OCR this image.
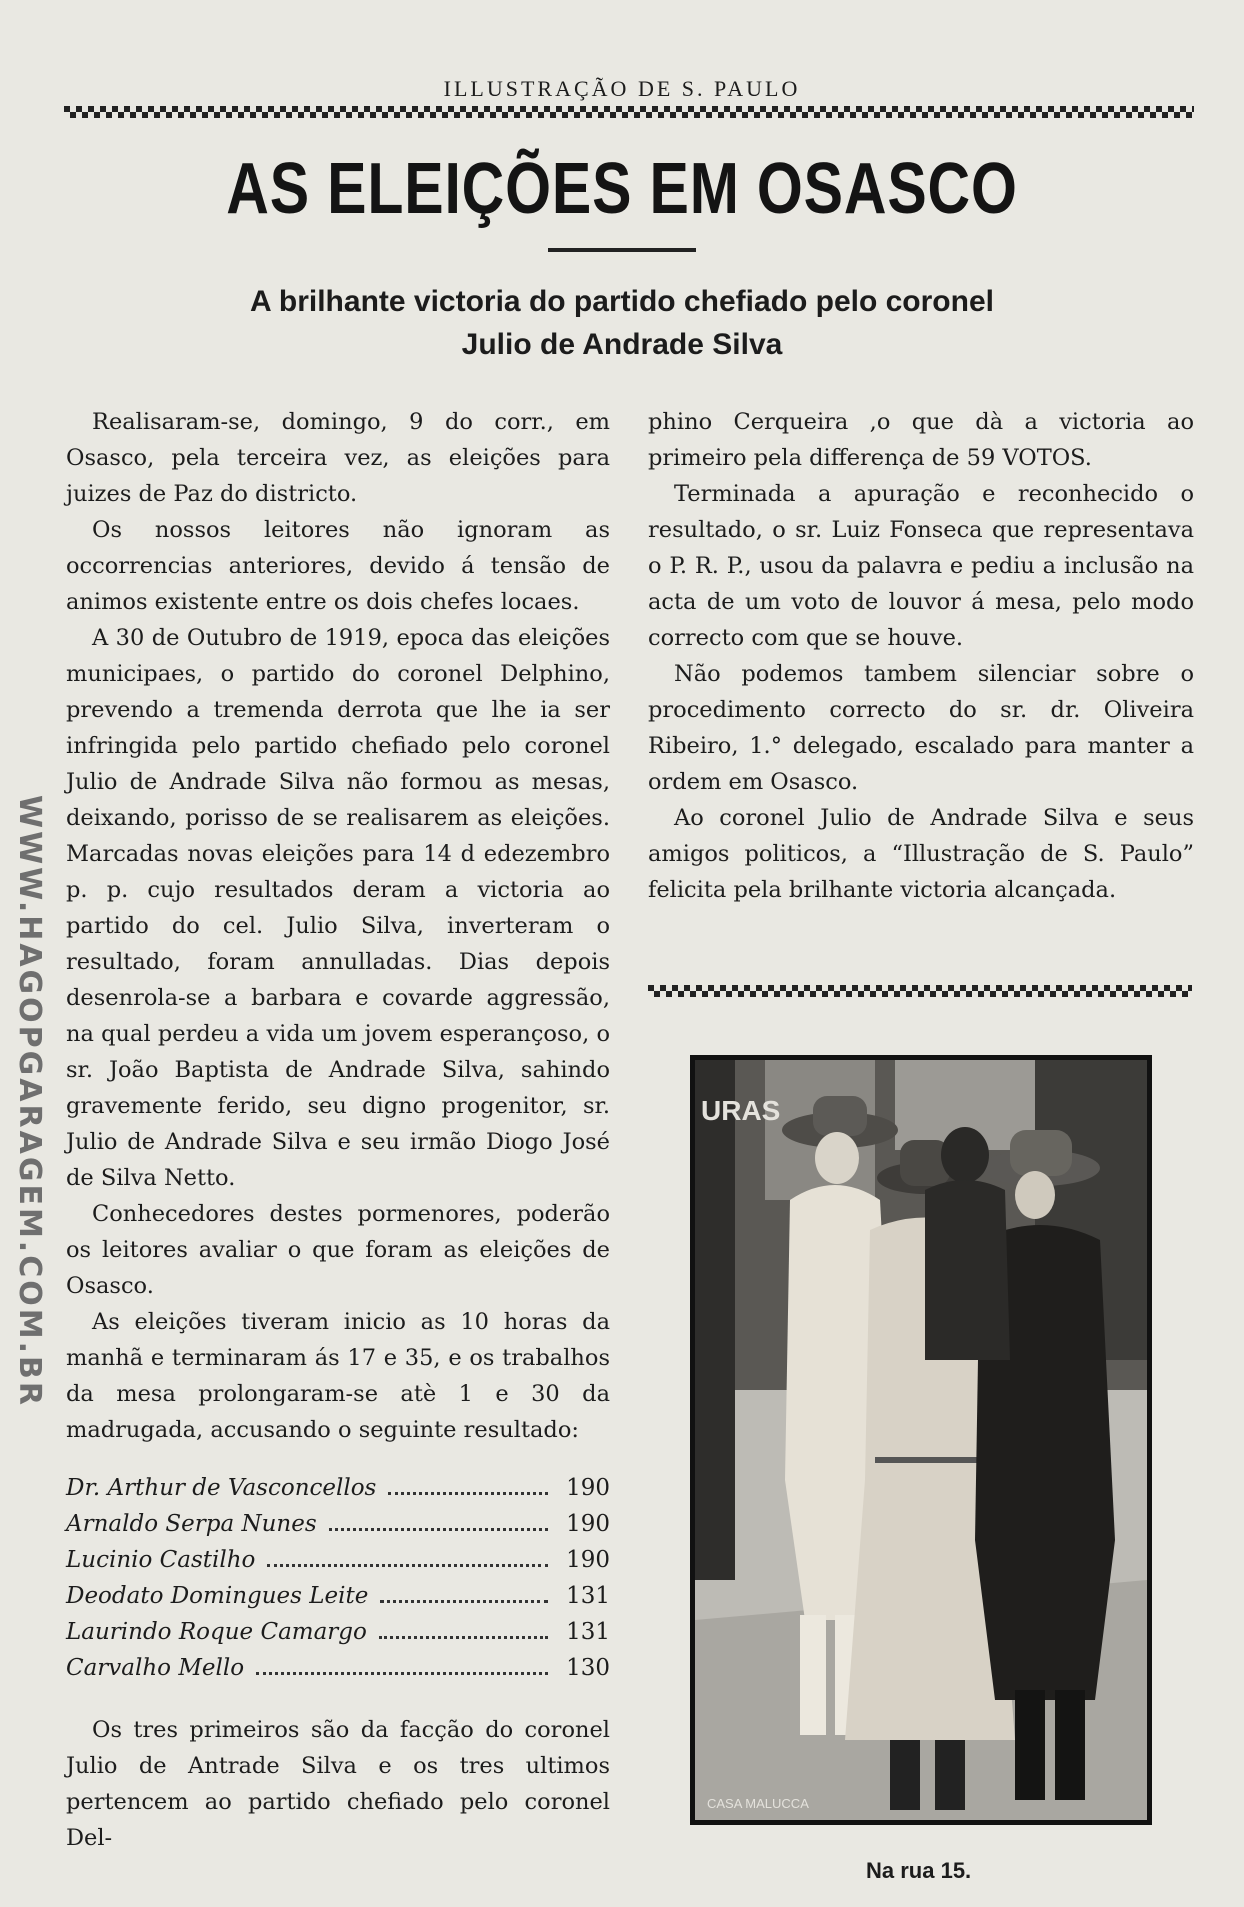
WWW.HAGOPGARAGEM.COM.BR
ILLUSTRAÇÃO DE S. PAULO
AS ELEIÇÕES EM OSASCO
A brilhante victoria do partido chefiado pelo coronel
Julio de Andrade Silva

Realisaram-se, domingo, 9 do corr., em Osasco, pela terceira vez, as eleições para juizes de Paz do districto.

Os nossos leitores não ignoram as occorrencias anteriores, devido á tensão de animos existente entre os dois chefes locaes.

A 30 de Outubro de 1919, epoca das eleições municipaes, o partido do coronel Delphino, prevendo a tremenda derrota que lhe ia ser infringida pelo partido chefiado pelo coronel Julio de Andrade Silva não formou as mesas, deixando, porisso de se realisarem as eleições. Marcadas novas eleições para 14 d edezembro p. p. cujo resultados deram a victoria ao partido do cel. Julio Silva, inverteram o resultado, foram annulladas. Dias depois desenrola-se a barbara e covarde aggressão, na qual perdeu a vida um jovem esperançoso, o sr. João Baptista de Andrade Silva, sahindo gravemente ferido, seu digno progenitor, sr. Julio de Andrade Silva e seu irmão Diogo José de Silva Netto.

Conhecedores destes pormenores, poderão os leitores avaliar o que foram as eleições de Osasco.

As eleições tiveram inicio as 10 horas da manhã e terminaram ás 17 e 35, e os trabalhos da mesa prolongaram-se atè 1 e 30 da madrugada, accusando o seguinte resultado:

Dr. Arthur de Vasconcellos	190
Arnaldo Serpa Nunes	190
Lucinio Castilho	190
Deodato Domingues Leite	131
Laurindo Roque Camargo	131
Carvalho Mello	130

Os tres primeiros são da facção do coronel Julio de Antrade Silva e os tres ultimos pertencem ao partido chefiado pelo coronel Del-

phino Cerqueira ,o que dà a victoria ao primeiro pela differença de 59 VOTOS.

Terminada a apuração e reconhecido o resultado, o sr. Luiz Fonseca que representava o P. R. P., usou da palavra e pediu a inclusão na acta de um voto de louvor á mesa, pelo modo correcto com que se houve.

Não podemos tambem silenciar sobre o procedimento correcto do sr. dr. Oliveira Ribeiro, 1.° delegado, escalado para manter a ordem em Osasco.

Ao coronel Julio de Andrade Silva e seus amigos politicos, a “Illustração de S. Paulo” felicita pela brilhante victoria alcançada.

URAS
CASA MALUCCA
Na rua 15.
